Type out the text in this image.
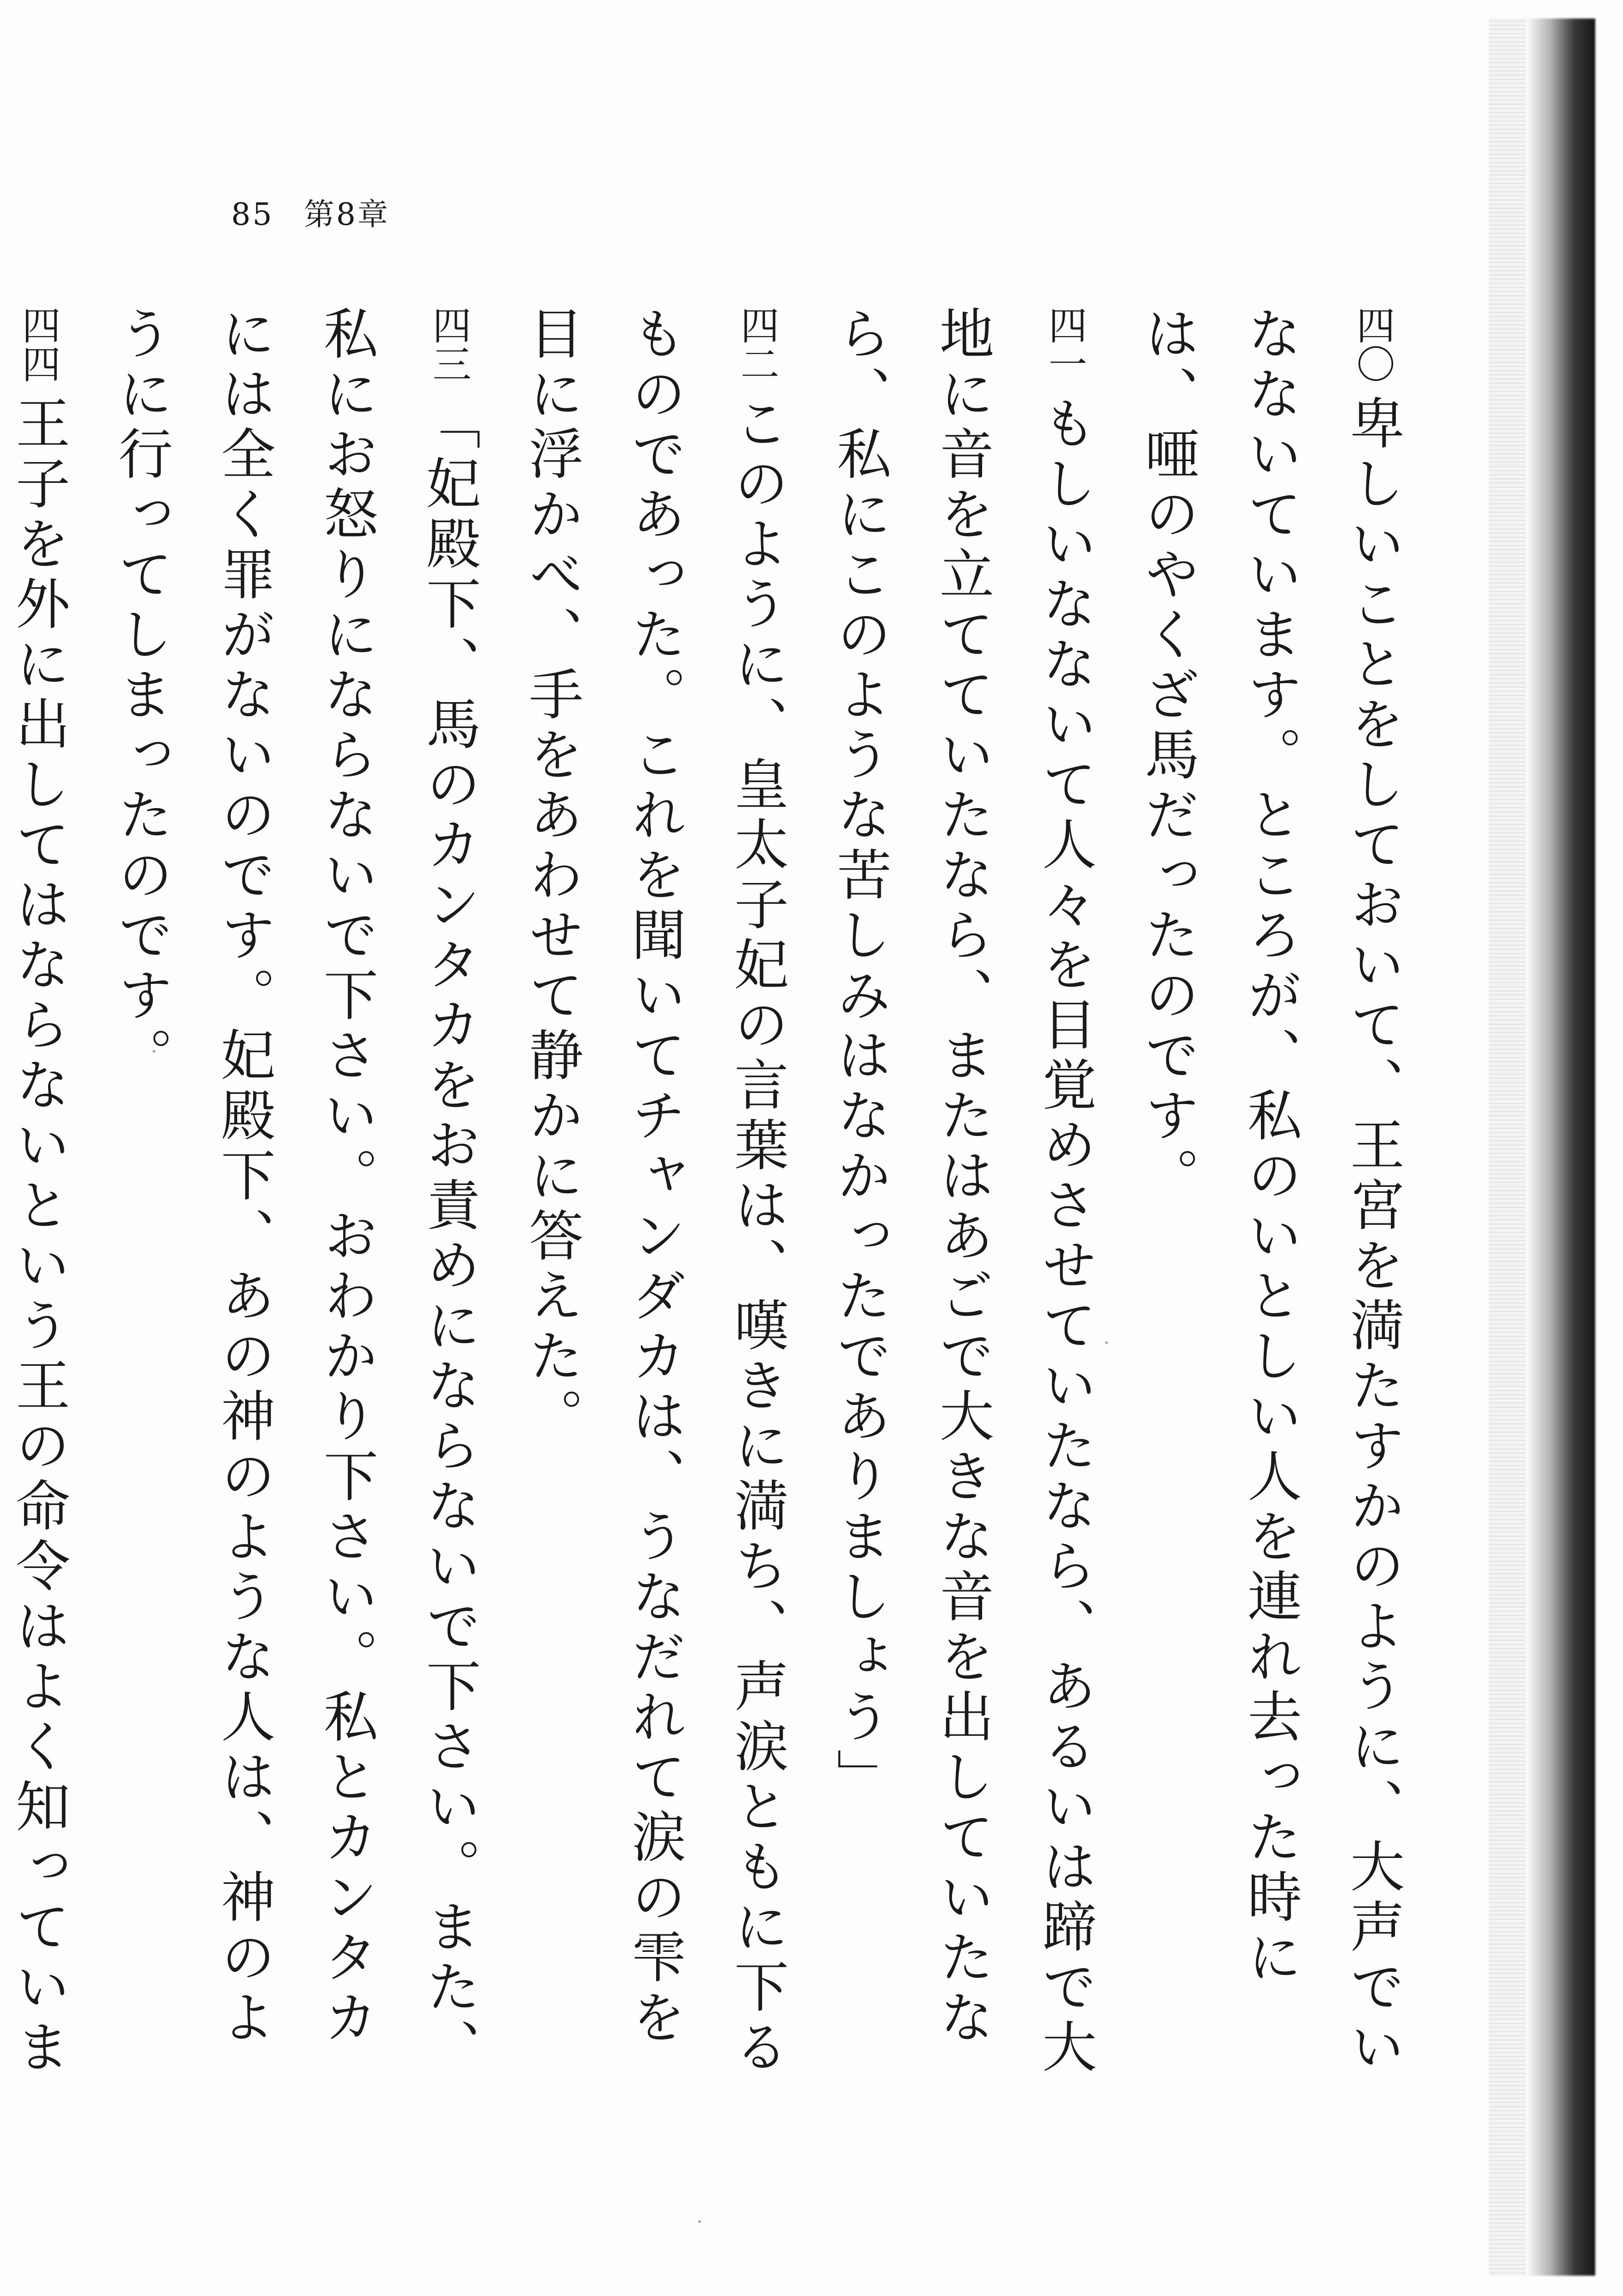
85 第8章

四〇卑しいことをしておいて、王宮を満たすかのように、大声でいなないています。ところが、私のいとしい人を連れ去った時には、唖のやくざ馬だったのです。

四一もしいなないて人々を目覚めさせていたなら、あるいは蹄で大地に音を立てていたなら、またはあごで大きな音を出していたなら、私にこのような苦しみはなかったでありましょう」

四二このように、皇太子妃の言葉は、嘆きに満ち、声涙ともに下るものであった。これを聞いてチャンダカは、うなだれて涙の雫を目に浮かべ、手をあわせて静かに答えた。

四三「妃殿下、馬のカンタカをお責めにならないで下さい。また、私にお怒りにならないで下さい。おわかり下さい。私とカンタカには全く罪がないのです。妃殿下、あの神のような人は、神のように行ってしまったのです。

四四王子を外に出してはならないという王の命令はよく知っていま
